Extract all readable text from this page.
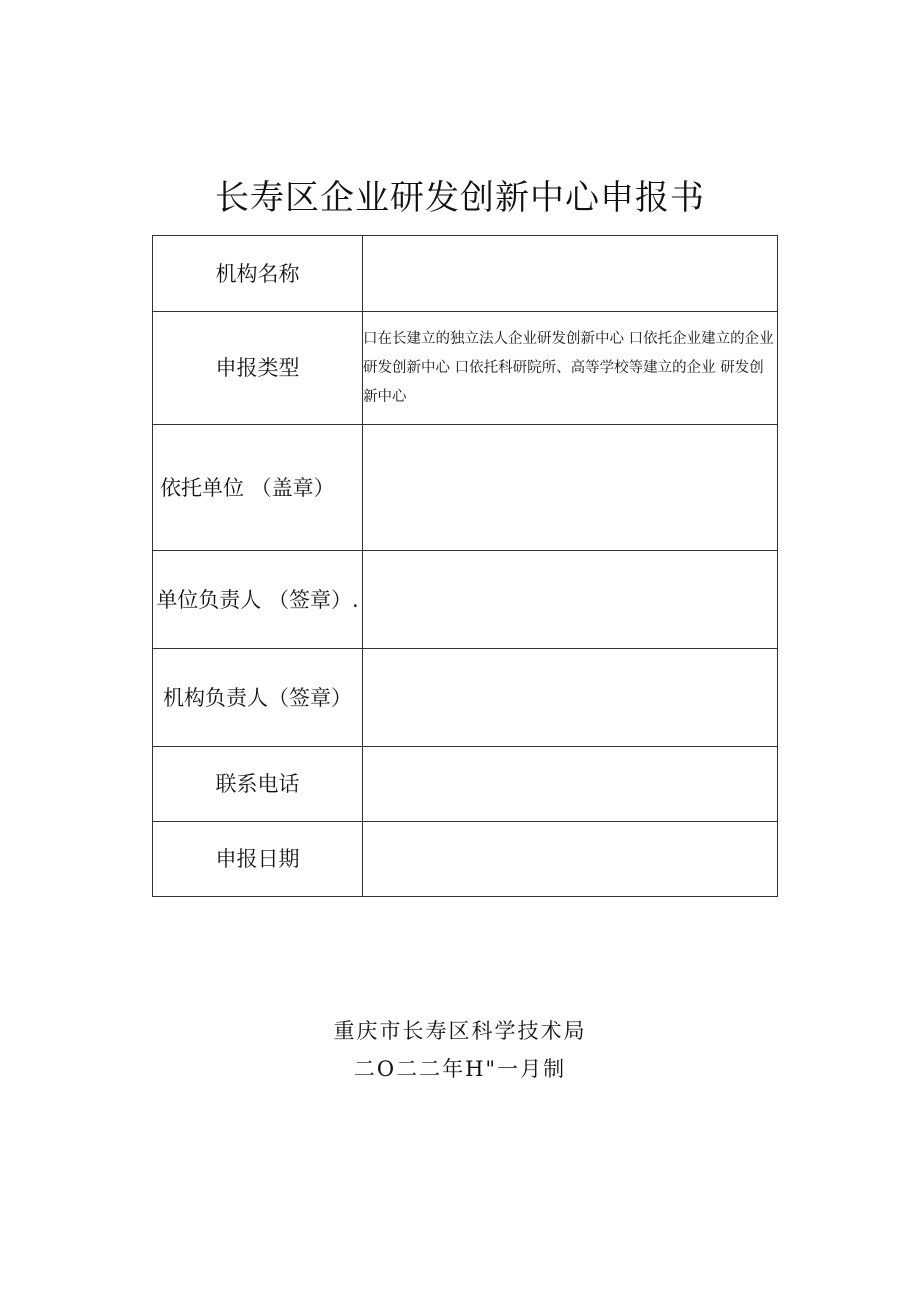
长寿区企业研发创新中心申报书
机构名称	
申报类型	口在长建立的独立法人企业研发创新中心 口依托企业建立的企业研发创新中心 口依托科研院所、高等学校等建立的企业 研发创新中心
依托单位 （盖章）	
单位负责人 （签章）.	
机构负责人（签章）	
联系电话	
申报日期	
重庆市长寿区科学技术局
二O二二年H"一月制
